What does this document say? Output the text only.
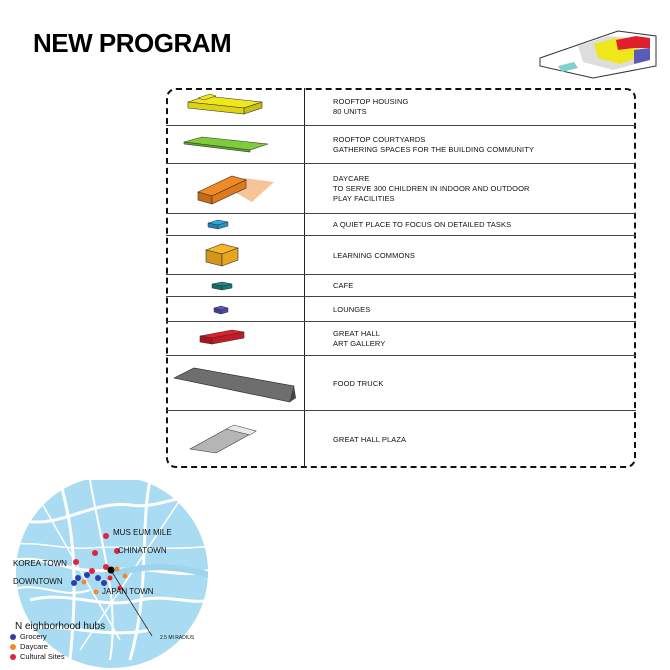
NEW PROGRAM
ROOFTOP HOUSING
80 UNITS
ROOFTOP COURTYARDS
GATHERING SPACES FOR THE BUILDING COMMUNITY
DAYCARE
TO SERVE 300 CHILDREN IN INDOOR AND OUTDOOR
PLAY FACILITIES
A QUIET PLACE TO FOCUS ON DETAILED TASKS
LEARNING COMMONS
CAFE
LOUNGES
GREAT HALL
ART GALLERY
FOOD TRUCK
GREAT HALL PLAZA
MUS EUM MILE
CHINATOWN
KOREA TOWN
DOWNTOWN
JAPAN TOWN
2.5 MI RADIUS
N eighborhood hubs
Grocery
Daycare
Cultural Sites
